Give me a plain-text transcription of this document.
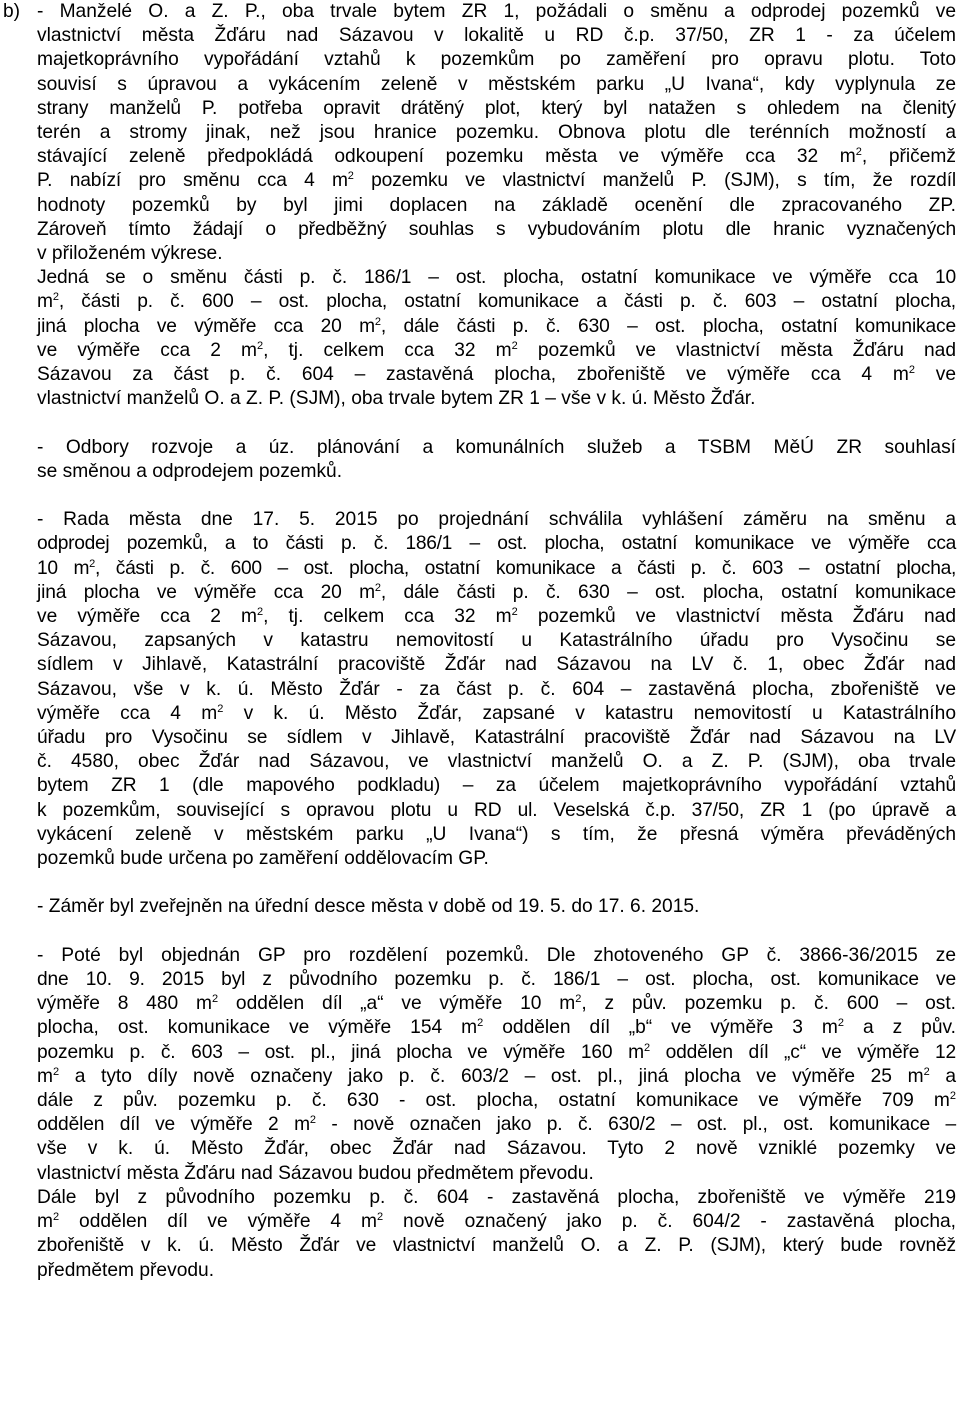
b) - Manželé O. a Z. P., oba trvale bytem ZR 1, požádali o směnu a odprodej pozemků ve
vlastnictví města Žďáru nad Sázavou v lokalitě u RD č.p. 37/50, ZR 1 - za účelem
majetkoprávního vypořádání vztahů k pozemkům po zaměření pro opravu plotu. Toto
souvisí s úpravou a vykácením zeleně v městském parku „U Ivana“, kdy vyplynula ze
strany manželů P. potřeba opravit drátěný plot, který byl natažen s ohledem na členitý
terén a stromy jinak, než jsou hranice pozemku. Obnova plotu dle terénních možností a
stávající zeleně předpokládá odkoupení pozemku města ve výměře cca 32 $m^2$, přičemž
P. nabízí pro směnu cca 4 $m^2$ pozemku ve vlastnictví manželů P. (SJM), s tím, že rozdíl
hodnoty pozemků by byl jimi doplacen na základě ocenění dle zpracovaného ZP.
Zároveň tímto žádají o předběžný souhlas s vybudováním plotu dle hranic vyznačených
v přiloženém výkrese.
Jedná se o směnu části p. č. 186/1 – ost. plocha, ostatní komunikace ve výměře cca 10
$m^2$, části p. č. 600 – ost. plocha, ostatní komunikace a části p. č. 603 – ostatní plocha,
jiná plocha ve výměře cca 20 $m^2$, dále části p. č. 630 – ost. plocha, ostatní komunikace
ve výměře cca 2 $m^2$, tj. celkem cca 32 $m^2$ pozemků ve vlastnictví města Žďáru nad
Sázavou za část p. č. 604 – zastavěná plocha, zbořeniště ve výměře cca 4 $m^2$ ve
vlastnictví manželů O. a Z. P. (SJM), oba trvale bytem ZR 1 – vše v k. ú. Město Žďár.
- Odbory rozvoje a úz. plánování a komunálních služeb a TSBM MěÚ ZR souhlasí
se směnou a odprodejem pozemků.
- Rada města dne 17. 5. 2015 po projednání schválila vyhlášení záměru na směnu a
odprodej pozemků, a to části p. č. 186/1 – ost. plocha, ostatní komunikace ve výměře cca
10 $m^2$, části p. č. 600 – ost. plocha, ostatní komunikace a části p. č. 603 – ostatní plocha,
jiná plocha ve výměře cca 20 $m^2$, dále části p. č. 630 – ost. plocha, ostatní komunikace
ve výměře cca 2 $m^2$, tj. celkem cca 32 $m^2$ pozemků ve vlastnictví města Žďáru nad
Sázavou, zapsaných v katastru nemovitostí u Katastrálního úřadu pro Vysočinu se
sídlem v Jihlavě, Katastrální pracoviště Žďár nad Sázavou na LV č. 1, obec Žďár nad
Sázavou, vše v k. ú. Město Žďár - za část p. č. 604 – zastavěná plocha, zbořeniště ve
výměře cca 4 $m^2$ v k. ú. Město Žďár, zapsané v katastru nemovitostí u Katastrálního
úřadu pro Vysočinu se sídlem v Jihlavě, Katastrální pracoviště Žďár nad Sázavou na LV
č. 4580, obec Žďár nad Sázavou, ve vlastnictví manželů O. a Z. P. (SJM), oba trvale
bytem ZR 1 (dle mapového podkladu) – za účelem majetkoprávního vypořádání vztahů
k pozemkům, související s opravou plotu u RD ul. Veselská č.p. 37/50, ZR 1 (po úpravě a
vykácení zeleně v městském parku „U Ivana“) s tím, že přesná výměra převáděných
pozemků bude určena po zaměření oddělovacím GP.
- Záměr byl zveřejněn na úřední desce města v době od 19. 5. do 17. 6. 2015.
- Poté byl objednán GP pro rozdělení pozemků. Dle zhotoveného GP č. 3866-36/2015 ze
dne 10. 9. 2015 byl z původního pozemku p. č. 186/1 – ost. plocha, ost. komunikace ve
výměře 8 480 $m^2$ oddělen díl „a“ ve výměře 10 $m^2$, z pův. pozemku p. č. 600 – ost.
plocha, ost. komunikace ve výměře 154 $m^2$ oddělen díl „b“ ve výměře 3 $m^2$ a z pův.
pozemku p. č. 603 – ost. pl., jiná plocha ve výměře 160 $m^2$ oddělen díl „c“ ve výměře 12
$m^2$ a tyto díly nově označeny jako p. č. 603/2 – ost. pl., jiná plocha ve výměře 25 $m^2$ a
dále z pův. pozemku p. č. 630 - ost. plocha, ostatní komunikace ve výměře 709 $m^2$
oddělen díl ve výměře 2 $m^2$ - nově označen jako p. č. 630/2 – ost. pl., ost. komunikace –
vše v k. ú. Město Žďár, obec Žďár nad Sázavou. Tyto 2 nově vzniklé pozemky ve
vlastnictví města Žďáru nad Sázavou budou předmětem převodu.
Dále byl z původního pozemku p. č. 604 - zastavěná plocha, zbořeniště ve výměře 219
$m^2$ oddělen díl ve výměře 4 $m^2$ nově označený jako p. č. 604/2 - zastavěná plocha,
zbořeniště v k. ú. Město Žďár ve vlastnictví manželů O. a Z. P. (SJM), který bude rovněž
předmětem převodu.
